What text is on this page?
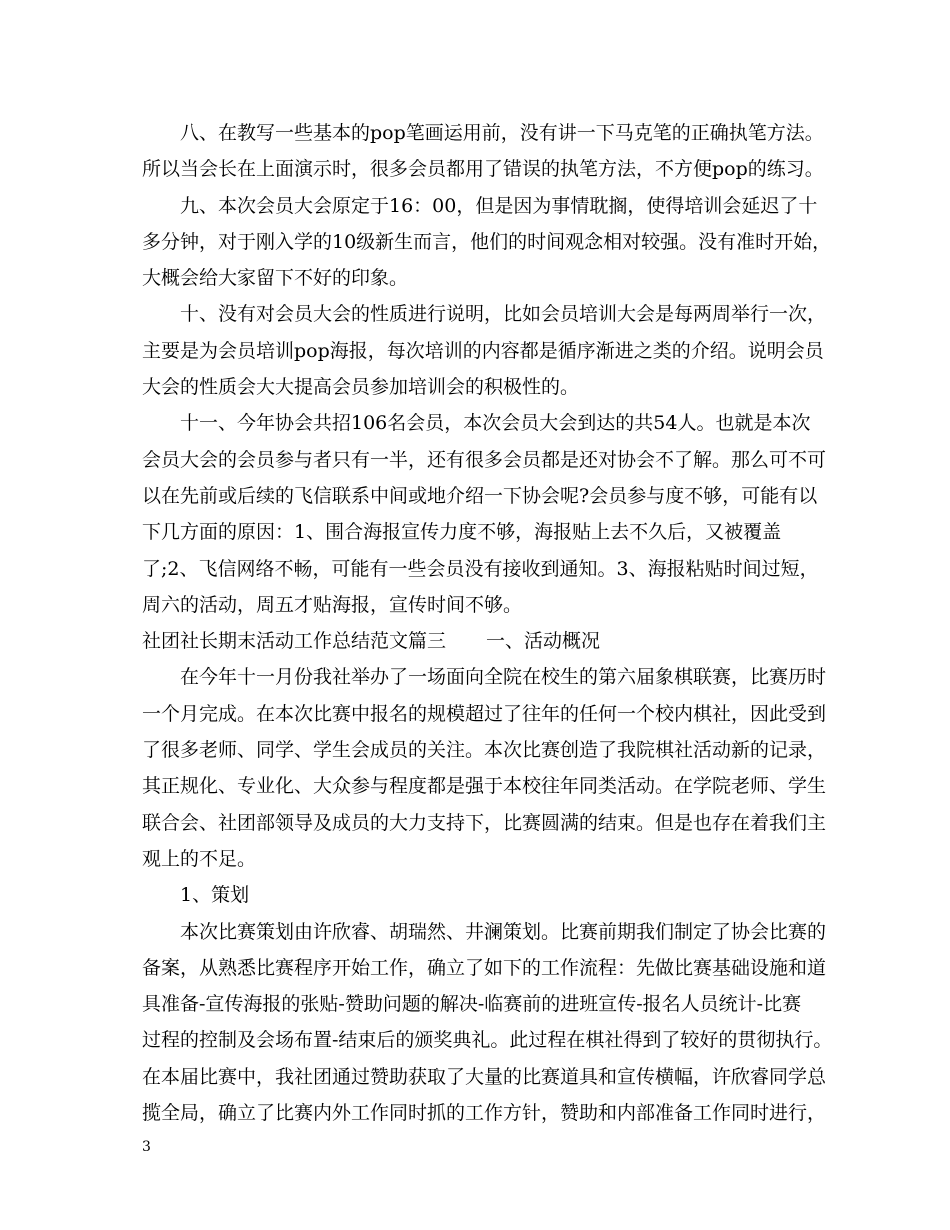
八、在教写一些基本的pop笔画运用前，没有讲一下马克笔的正确执笔方法。
所以当会长在上面演示时，很多会员都用了错误的执笔方法，不方便pop的练习。
九、本次会员大会原定于16：00，但是因为事情耽搁，使得培训会延迟了十
多分钟，对于刚入学的10级新生而言，他们的时间观念相对较强。没有准时开始，
大概会给大家留下不好的印象。
十、没有对会员大会的性质进行说明，比如会员培训大会是每两周举行一次，
主要是为会员培训pop海报，每次培训的内容都是循序渐进之类的介绍。说明会员
大会的性质会大大提高会员参加培训会的积极性的。
十一、今年协会共招106名会员，本次会员大会到达的共54人。也就是本次
会员大会的会员参与者只有一半，还有很多会员都是还对协会不了解。那么可不可
以在先前或后续的飞信联系中间或地介绍一下协会呢?会员参与度不够，可能有以
下几方面的原因：1、围合海报宣传力度不够，海报贴上去不久后，又被覆盖
了;2、飞信网络不畅，可能有一些会员没有接收到通知。3、海报粘贴时间过短，
周六的活动，周五才贴海报，宣传时间不够。
社团社长期末活动工作总结范文篇三 一、活动概况
在今年十一月份我社举办了一场面向全院在校生的第六届象棋联赛，比赛历时
一个月完成。在本次比赛中报名的规模超过了往年的任何一个校内棋社，因此受到
了很多老师、同学、学生会成员的关注。本次比赛创造了我院棋社活动新的记录，
其正规化、专业化、大众参与程度都是强于本校往年同类活动。在学院老师、学生
联合会、社团部领导及成员的大力支持下，比赛圆满的结束。但是也存在着我们主
观上的不足。
1、策划
本次比赛策划由许欣睿、胡瑞然、井澜策划。比赛前期我们制定了协会比赛的
备案，从熟悉比赛程序开始工作，确立了如下的工作流程：先做比赛基础设施和道
具准备-宣传海报的张贴-赞助问题的解决-临赛前的进班宣传-报名人员统计-比赛
过程的控制及会场布置-结束后的颁奖典礼。此过程在棋社得到了较好的贯彻执行。
在本届比赛中，我社团通过赞助获取了大量的比赛道具和宣传横幅，许欣睿同学总
揽全局，确立了比赛内外工作同时抓的工作方针，赞助和内部准备工作同时进行，
3
